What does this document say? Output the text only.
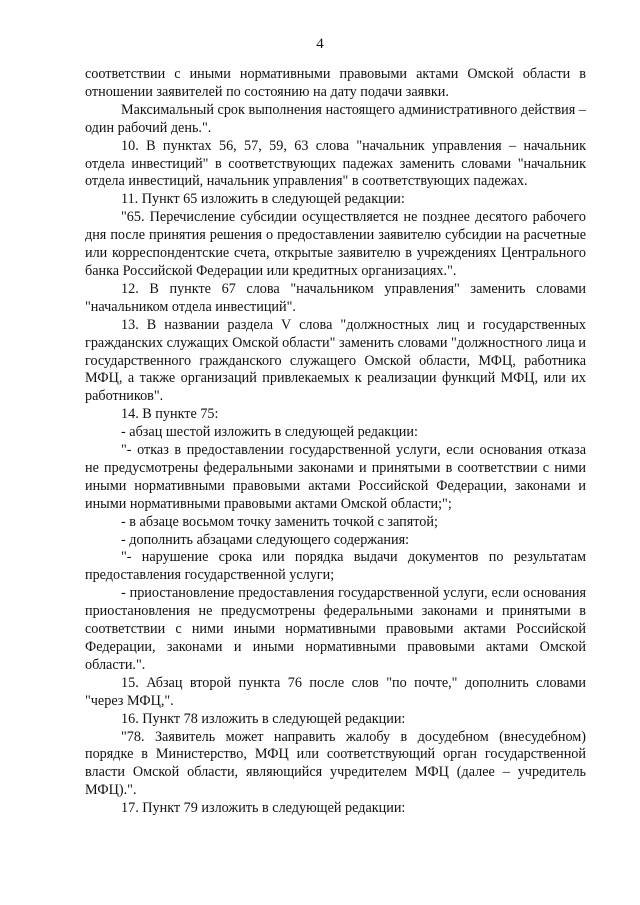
4

соответствии с иными нормативными правовыми актами Омской области в отношении заявителей по состоянию на дату подачи заявки.

Максимальный срок выполнения настоящего административного действия – один рабочий день.".

10. В пунктах 56, 57, 59, 63 слова "начальник управления – начальник отдела инвестиций" в соответствующих падежах заменить словами "начальник отдела инвестиций, начальник управления" в соответствующих падежах.

11. Пункт 65 изложить в следующей редакции:

"65. Перечисление субсидии осуществляется не позднее десятого рабочего дня после принятия решения о предоставлении заявителю субсидии на расчетные или корреспондентские счета, открытые заявителю в учреждениях Центрального банка Российской Федерации или кредитных организациях.".

12. В пункте 67 слова "начальником управления" заменить словами "начальником отдела инвестиций".

13. В названии раздела V слова "должностных лиц и государственных гражданских служащих Омской области" заменить словами "должностного лица и государственного гражданского служащего Омской области, МФЦ, работника МФЦ, а также организаций привлекаемых к реализации функций МФЦ, или их работников".

14. В пункте 75:

- абзац шестой изложить в следующей редакции:

"- отказ в предоставлении государственной услуги, если основания отказа не предусмотрены федеральными законами и принятыми в соответствии с ними иными нормативными правовыми актами Российской Федерации, законами и иными нормативными правовыми актами Омской области;";

- в абзаце восьмом точку заменить точкой с запятой;

- дополнить абзацами следующего содержания:

"- нарушение срока или порядка выдачи документов по результатам предоставления государственной услуги;

- приостановление предоставления государственной услуги, если основания приостановления не предусмотрены федеральными законами и принятыми в соответствии с ними иными нормативными правовыми актами Российской Федерации, законами и иными нормативными правовыми актами Омской области.".

15. Абзац второй пункта 76 после слов "по почте," дополнить словами "через МФЦ,".

16. Пункт 78 изложить в следующей редакции:

"78. Заявитель может направить жалобу в досудебном (внесудебном) порядке в Министерство, МФЦ или соответствующий орган государственной власти Омской области, являющийся учредителем МФЦ (далее – учредитель МФЦ).".

17. Пункт 79 изложить в следующей редакции:
